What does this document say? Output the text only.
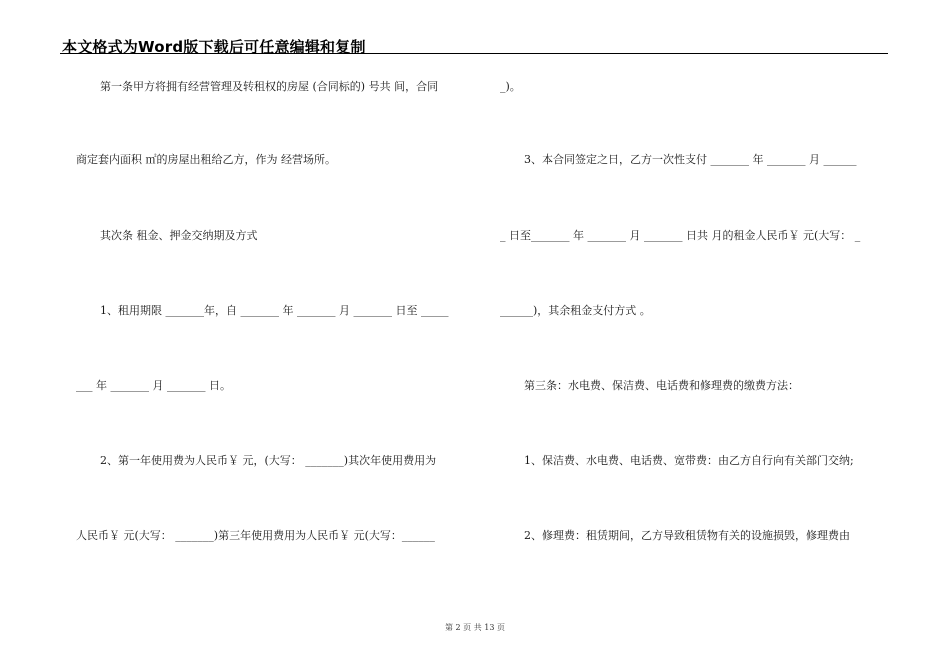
本文格式为Word版下载后可任意编辑和复制
第一条甲方将拥有经营管理及转租权的房屋 (合同标的) 号共 间，合同
商定套内面积 ㎡的房屋出租给乙方，作为 经营场所。
其次条 租金、押金交纳期及方式
1、租用期限 _______年，自 _______ 年 _______ 月 _______ 日至 _____
___ 年 _______ 月 _______ 日。
2、第一年使用费为人民币￥ 元，(大写： _______)其次年使用费用为
人民币￥ 元(大写： _______)第三年使用费用为人民币￥ 元(大写：______
_)。
3、本合同签定之日，乙方一次性支付 _______ 年 _______ 月 ______
_ 日至_______ 年 _______ 月 _______ 日共 月的租金人民币￥ 元(大写： _
______)，其余租金支付方式 。
第三条：水电费、保洁费、电话费和修理费的缴费方法：
1、保洁费、水电费、电话费、宽带费：由乙方自行向有关部门交纳;
2、修理费：租赁期间，乙方导致租赁物有关的设施损毁，修理费由
第 2 页 共 13 页
